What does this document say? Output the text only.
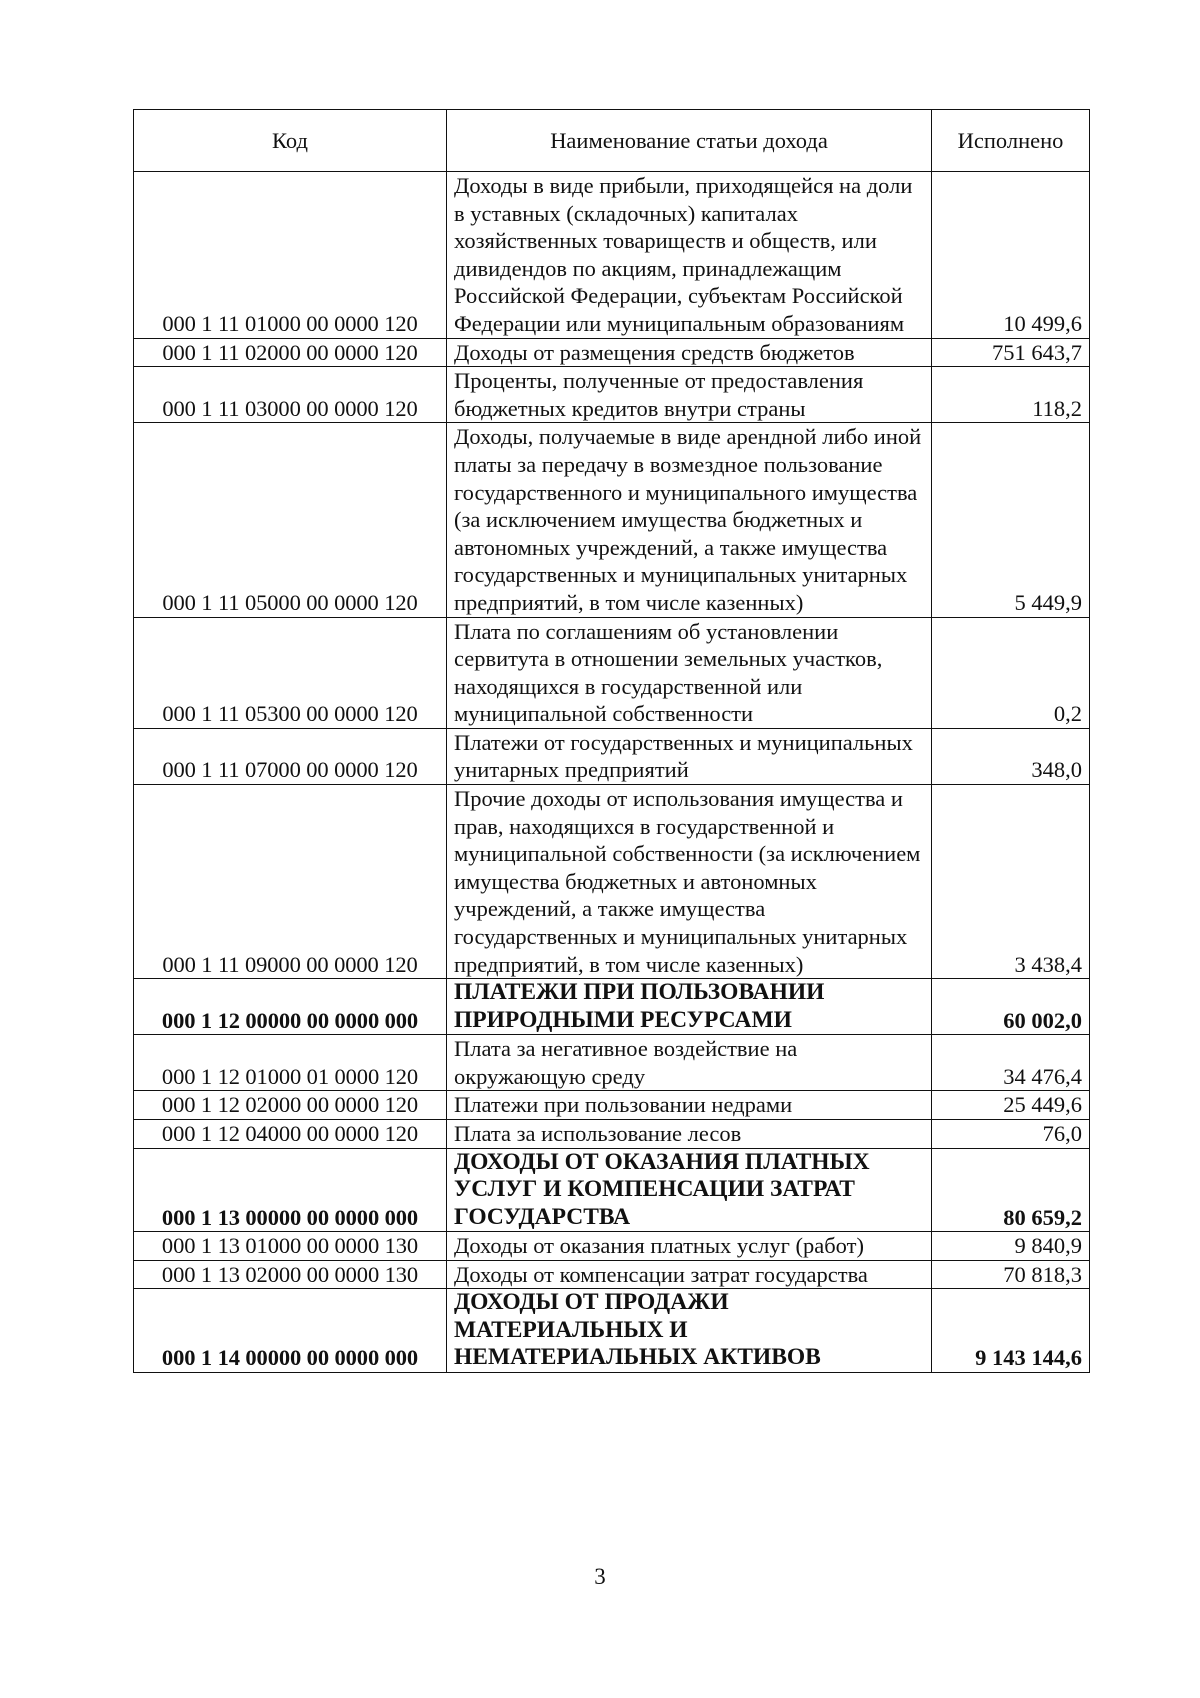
Код	Наименование статьи дохода	Исполнено
000 1 11 01000 00 0000 120	Доходы в виде прибыли, приходящейся на доли в уставных (складочных) капиталах хозяйственных товариществ и обществ, или дивидендов по акциям, принадлежащим Российской Федерации, субъектам Российской Федерации или муниципальным образованиям	10 499,6
000 1 11 02000 00 0000 120	Доходы от размещения средств бюджетов	751 643,7
000 1 11 03000 00 0000 120	Проценты, полученные от предоставления бюджетных кредитов внутри страны	118,2
000 1 11 05000 00 0000 120	Доходы, получаемые в виде арендной либо иной платы за передачу в возмездное пользование государственного и муниципального имущества (за исключением имущества бюджетных и автономных учреждений, а также имущества государственных и муниципальных унитарных предприятий, в том числе казенных)	5 449,9
000 1 11 05300 00 0000 120	Плата по соглашениям об установлении сервитута в отношении земельных участков, находящихся в государственной или муниципальной собственности	0,2
000 1 11 07000 00 0000 120	Платежи от государственных и муниципальных унитарных предприятий	348,0
000 1 11 09000 00 0000 120	Прочие доходы от использования имущества и прав, находящихся в государственной и муниципальной собственности (за исключением имущества бюджетных и автономных учреждений, а также имущества государственных и муниципальных унитарных предприятий, в том числе казенных)	3 438,4
000 1 12 00000 00 0000 000	ПЛАТЕЖИ ПРИ ПОЛЬЗОВАНИИ ПРИРОДНЫМИ РЕСУРСАМИ	60 002,0
000 1 12 01000 01 0000 120	Плата за негативное воздействие на окружающую среду	34 476,4
000 1 12 02000 00 0000 120	Платежи при пользовании недрами	25 449,6
000 1 12 04000 00 0000 120	Плата за использование лесов	76,0
000 1 13 00000 00 0000 000	ДОХОДЫ ОТ ОКАЗАНИЯ ПЛАТНЫХ УСЛУГ И КОМПЕНСАЦИИ ЗАТРАТ ГОСУДАРСТВА	80 659,2
000 1 13 01000 00 0000 130	Доходы от оказания платных услуг (работ)	9 840,9
000 1 13 02000 00 0000 130	Доходы от компенсации затрат государства	70 818,3
000 1 14 00000 00 0000 000	ДОХОДЫ ОТ ПРОДАЖИ МАТЕРИАЛЬНЫХ И НЕМАТЕРИАЛЬНЫХ АКТИВОВ	9 143 144,6
3
